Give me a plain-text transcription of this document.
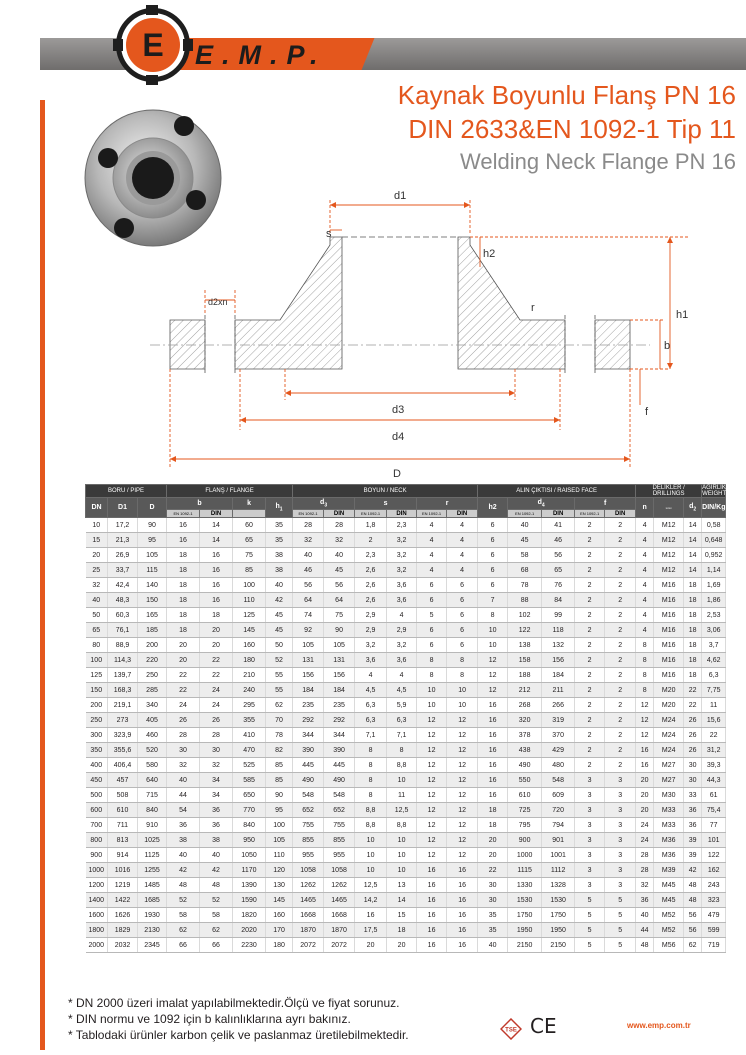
E.M.P.
E
Kaynak Boyunlu Flanş PN 16
DIN 2633&EN 1092-1 Tip 11
Welding Neck Flange PN 16
d1
s
h2
d2xn	r
h1
b
f
d3
d4
D
BORU / PIPE			FLANŞ / FLANGE				BOYUN / NECK						ALIN ÇIKTISI / RAISED FACE					DELİKLER / DRILLINGS			AĞIRLIK WEIGHT
DN	D1	D	b		k	$h_1$	$d_3$		s		r		h2	$d_4$		f		n	xxxx	$d_2$	DIN/Kg
			EN 1092-1	DIN			EN 1092-1	DIN	EN 1092-1	DIN	EN 1092-1	DIN		EN 1092-1	DIN	EN 1092-1	DIN				
10	17,2	90	16	14	60	35	28	28	1,8	2,3	4	4	6	40	41	2	2	4	M12	14	0,58
15	21,3	95	16	14	65	35	32	32	2	3,2	4	4	6	45	46	2	2	4	M12	14	0,648
20	26,9	105	18	16	75	38	40	40	2,3	3,2	4	4	6	58	56	2	2	4	M12	14	0,952
25	33,7	115	18	16	85	38	46	45	2,6	3,2	4	4	6	68	65	2	2	4	M12	14	1,14
32	42,4	140	18	16	100	40	56	56	2,6	3,6	6	6	6	78	76	2	2	4	M16	18	1,69
40	48,3	150	18	16	110	42	64	64	2,6	3,6	6	6	7	88	84	2	2	4	M16	18	1,86
50	60,3	165	18	18	125	45	74	75	2,9	4	5	6	8	102	99	2	2	4	M16	18	2,53
65	76,1	185	18	20	145	45	92	90	2,9	2,9	6	6	10	122	118	2	2	4	M16	18	3,06
80	88,9	200	20	20	160	50	105	105	3,2	3,2	6	6	10	138	132	2	2	8	M16	18	3,7
100	114,3	220	20	22	180	52	131	131	3,6	3,6	8	8	12	158	156	2	2	8	M16	18	4,62
125	139,7	250	22	22	210	55	156	156	4	4	8	8	12	188	184	2	2	8	M16	18	6,3
150	168,3	285	22	24	240	55	184	184	4,5	4,5	10	10	12	212	211	2	2	8	M20	22	7,75
200	219,1	340	24	24	295	62	235	235	6,3	5,9	10	10	16	268	266	2	2	12	M20	22	11
250	273	405	26	26	355	70	292	292	6,3	6,3	12	12	16	320	319	2	2	12	M24	26	15,6
300	323,9	460	28	28	410	78	344	344	7,1	7,1	12	12	16	378	370	2	2	12	M24	26	22
350	355,6	520	30	30	470	82	390	390	8	8	12	12	16	438	429	2	2	16	M24	26	31,2
400	406,4	580	32	32	525	85	445	445	8	8,8	12	12	16	490	480	2	2	16	M27	30	39,3
450	457	640	40	34	585	85	490	490	8	10	12	12	16	550	548	3	3	20	M27	30	44,3
500	508	715	44	34	650	90	548	548	8	11	12	12	16	610	609	3	3	20	M30	33	61
600	610	840	54	36	770	95	652	652	8,8	12,5	12	12	18	725	720	3	3	20	M33	36	75,4
700	711	910	36	36	840	100	755	755	8,8	8,8	12	12	18	795	794	3	3	24	M33	36	77
800	813	1025	38	38	950	105	855	855	10	10	12	12	20	900	901	3	3	24	M36	39	101
900	914	1125	40	40	1050	110	955	955	10	10	12	12	20	1000	1001	3	3	28	M36	39	122
1000	1016	1255	42	42	1170	120	1058	1058	10	10	16	16	22	1115	1112	3	3	28	M39	42	162
1200	1219	1485	48	48	1390	130	1262	1262	12,5	13	16	16	30	1330	1328	3	3	32	M45	48	243
1400	1422	1685	52	52	1590	145	1465	1465	14,2	14	16	16	30	1530	1530	5	5	36	M45	48	323
1600	1626	1930	58	58	1820	160	1668	1668	16	15	16	16	35	1750	1750	5	5	40	M52	56	479
1800	1829	2130	62	62	2020	170	1870	1870	17,5	18	16	16	35	1950	1950	5	5	44	M52	56	599
2000	2032	2345	66	66	2230	180	2072	2072	20	20	16	16	40	2150	2150	5	5	48	M56	62	719
* DN 2000 üzeri imalat yapılabilmektedir.Ölçü ve fiyat sorunuz.
* DIN normu ve 1092 için b kalınlıklarına ayrı bakınız.
* Tablodaki ürünler karbon çelik ve paslanmaz üretilebilmektedir.	TSE CE	www.emp.com.tr
